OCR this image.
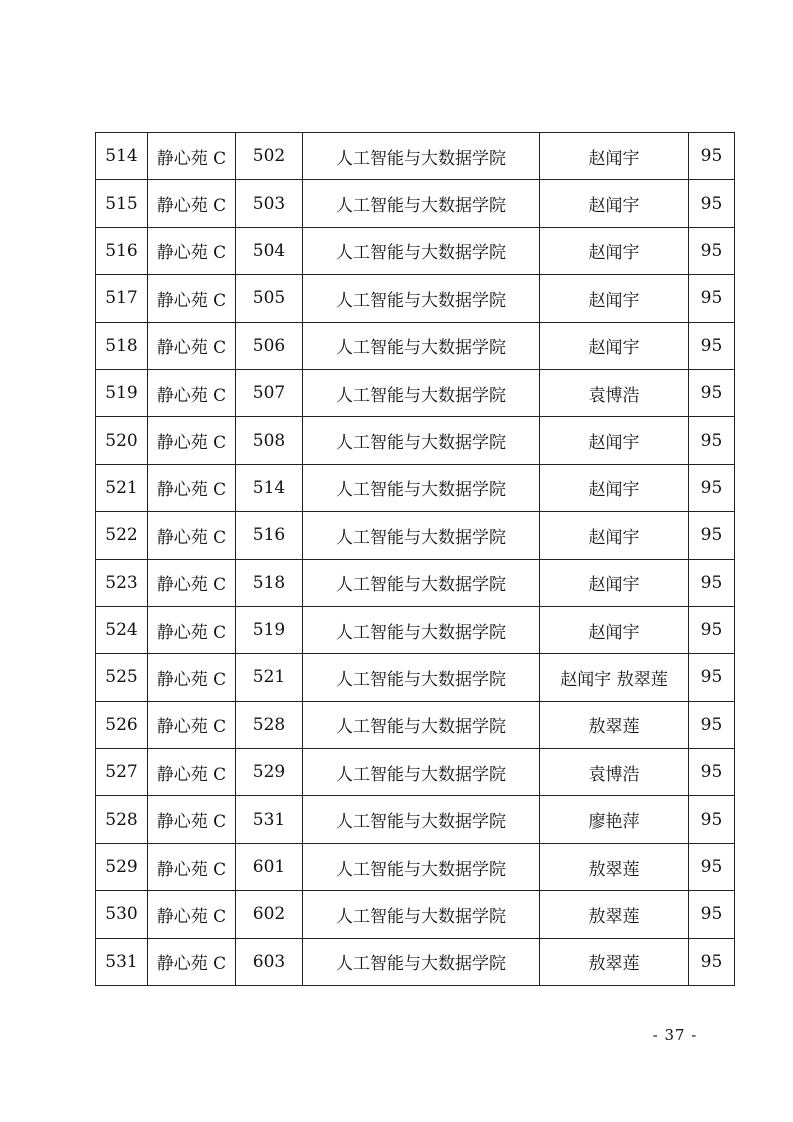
514	静心苑 C	502	人工智能与大数据学院	赵闻宇	95
515	静心苑 C	503	人工智能与大数据学院	赵闻宇	95
516	静心苑 C	504	人工智能与大数据学院	赵闻宇	95
517	静心苑 C	505	人工智能与大数据学院	赵闻宇	95
518	静心苑 C	506	人工智能与大数据学院	赵闻宇	95
519	静心苑 C	507	人工智能与大数据学院	袁博浩	95
520	静心苑 C	508	人工智能与大数据学院	赵闻宇	95
521	静心苑 C	514	人工智能与大数据学院	赵闻宇	95
522	静心苑 C	516	人工智能与大数据学院	赵闻宇	95
523	静心苑 C	518	人工智能与大数据学院	赵闻宇	95
524	静心苑 C	519	人工智能与大数据学院	赵闻宇	95
525	静心苑 C	521	人工智能与大数据学院	赵闻宇 敖翠莲	95
526	静心苑 C	528	人工智能与大数据学院	敖翠莲	95
527	静心苑 C	529	人工智能与大数据学院	袁博浩	95
528	静心苑 C	531	人工智能与大数据学院	廖艳萍	95
529	静心苑 C	601	人工智能与大数据学院	敖翠莲	95
530	静心苑 C	602	人工智能与大数据学院	敖翠莲	95
531	静心苑 C	603	人工智能与大数据学院	敖翠莲	95
- 37 -
